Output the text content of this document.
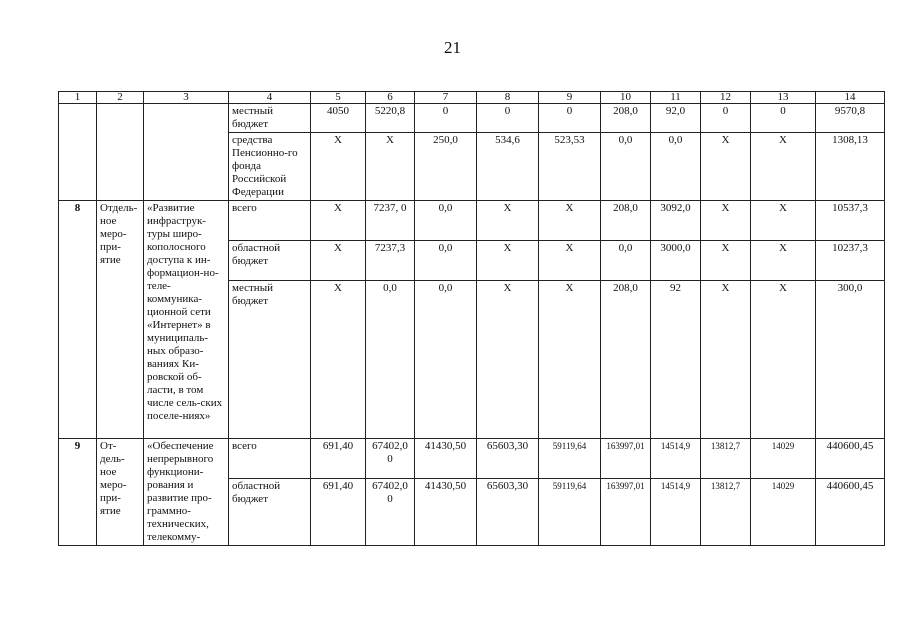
21
1	2	3	4	5	6	7	8	9	10	11	12	13	14
			местный бюджет	4050	5220,8	0	0	0	208,0	92,0	0	0	9570,8
			средства Пенсионно-го фонда Российской Федерации	X	X	250,0	534,6	523,53	0,0	0,0	X	X	1308,13
8	Отдель-ное меро-при-ятие	«Развитие инфраструк-туры широ-кополосного доступа к ин-формацион-но-теле-коммуника-ционной сети «Интернет» в муниципаль-ных образо-ваниях Ки-ровской об-ласти, в том числе сель-ских поселе-ниях»	всего	X	7237, 0	0,0	X	X	208,0	3092,0	X	X	10537,3
			областной бюджет	X	7237,3	0,0	X	X	0,0	3000,0	X	X	10237,3
			местный бюджет	X	0,0	0,0	X	X	208,0	92	X	X	300,0
9	От-дель-ное меро-при-ятие	«Обеспечение непрерывного функциони-рования и развитие про-граммно-технических, телекомму-	всего	691,40	67402,0 0	41430,50	65603,30	59119,64	163997,01	14514,9	13812,7	14029	440600,45
			областной бюджет	691,40	67402,0 0	41430,50	65603,30	59119,64	163997,01	14514,9	13812,7	14029	440600,45
